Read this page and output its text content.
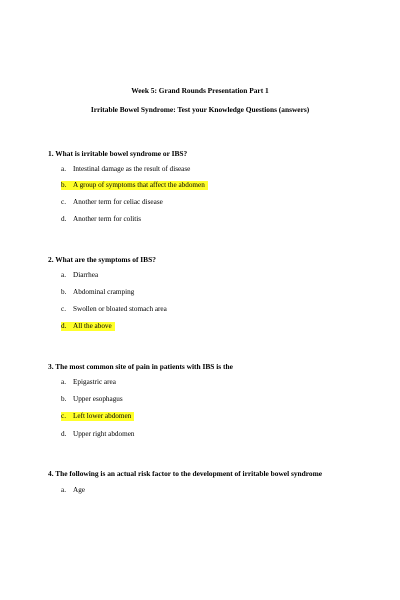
Week 5: Grand Rounds Presentation Part 1
Irritable Bowel Syndrome: Test your Knowledge Questions (answers)
1. What is irritable bowel syndrome or IBS?
a. Intestinal damage as the result of disease
b. A group of symptoms that affect the abdomen
c. Another term for celiac disease
d. Another term for colitis
2. What are the symptoms of IBS?
a. Diarrhea
b. Abdominal cramping
c. Swollen or bloated stomach area
d. All the above
3. The most common site of pain in patients with IBS is the
a. Epigastric area
b. Upper esophagus
c. Left lower abdomen
d. Upper right abdomen
4. The following is an actual risk factor to the development of irritable bowel syndrome
a. Age
